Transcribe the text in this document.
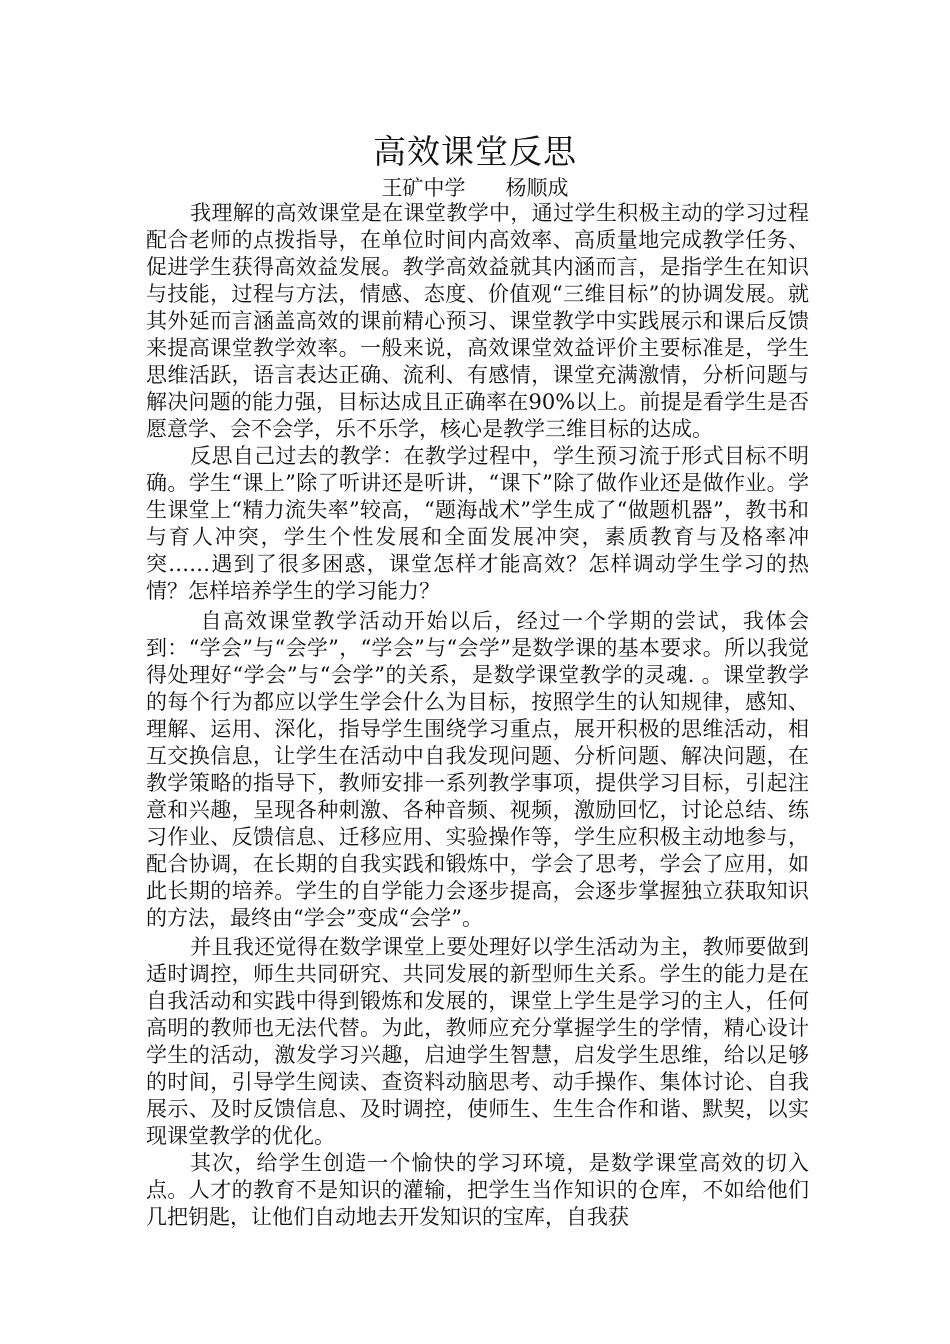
高效课堂反思
王矿中学 杨顺成

我理解的高效课堂是在课堂教学中，通过学生积极主动的学习过程配合老师的点拨指导，在单位时间内高效率、高质量地完成教学任务、促进学生获得高效益发展。教学高效益就其内涵而言，是指学生在知识与技能，过程与方法，情感、态度、价值观“三维目标”的协调发展。就其外延而言涵盖高效的课前精心预习、课堂教学中实践展示和课后反馈来提高课堂教学效率。一般来说，高效课堂效益评价主要标准是，学生思维活跃，语言表达正确、流利、有感情，课堂充满激情，分析问题与解决问题的能力强，目标达成且正确率在90%以上。前提是看学生是否愿意学、会不会学，乐不乐学，核心是教学三维目标的达成。

反思自己过去的教学：在教学过程中，学生预习流于形式目标不明确。学生“课上”除了听讲还是听讲，“课下”除了做作业还是做作业。学生课堂上“精力流失率”较高，“题海战术”学生成了“做题机器”，教书和与育人冲突，学生个性发展和全面发展冲突，素质教育与及格率冲突……遇到了很多困惑，课堂怎样才能高效？怎样调动学生学习的热情？怎样培养学生的学习能力？

自高效课堂教学活动开始以后，经过一个学期的尝试，我体会到：“学会”与“会学”，“学会”与“会学”是数学课的基本要求。所以我觉得处理好“学会”与“会学”的关系，是数学课堂教学的灵魂. 。课堂教学的每个行为都应以学生学会什么为目标，按照学生的认知规律，感知、理解、运用、深化，指导学生围绕学习重点，展开积极的思维活动，相互交换信息，让学生在活动中自我发现问题、分析问题、解决问题，在教学策略的指导下，教师安排一系列教学事项，提供学习目标，引起注意和兴趣，呈现各种刺激、各种音频、视频，激励回忆，讨论总结、练习作业、反馈信息、迁移应用、实验操作等，学生应积极主动地参与，配合协调，在长期的自我实践和锻炼中，学会了思考，学会了应用，如此长期的培养。学生的自学能力会逐步提高，会逐步掌握独立获取知识的方法，最终由“学会”变成“会学”。

并且我还觉得在数学课堂上要处理好以学生活动为主，教师要做到适时调控，师生共同研究、共同发展的新型师生关系。学生的能力是在自我活动和实践中得到锻炼和发展的，课堂上学生是学习的主人，任何高明的教师也无法代替。为此，教师应充分掌握学生的学情，精心设计学生的活动，激发学习兴趣，启迪学生智慧，启发学生思维，给以足够的时间，引导学生阅读、查资料动脑思考、动手操作、集体讨论、自我展示、及时反馈信息、及时调控，使师生、生生合作和谐、默契，以实现课堂教学的优化。

其次，给学生创造一个愉快的学习环境，是数学课堂高效的切入点。人才的教育不是知识的灌输，把学生当作知识的仓库，不如给他们几把钥匙，让他们自动地去开发知识的宝库，自我获
